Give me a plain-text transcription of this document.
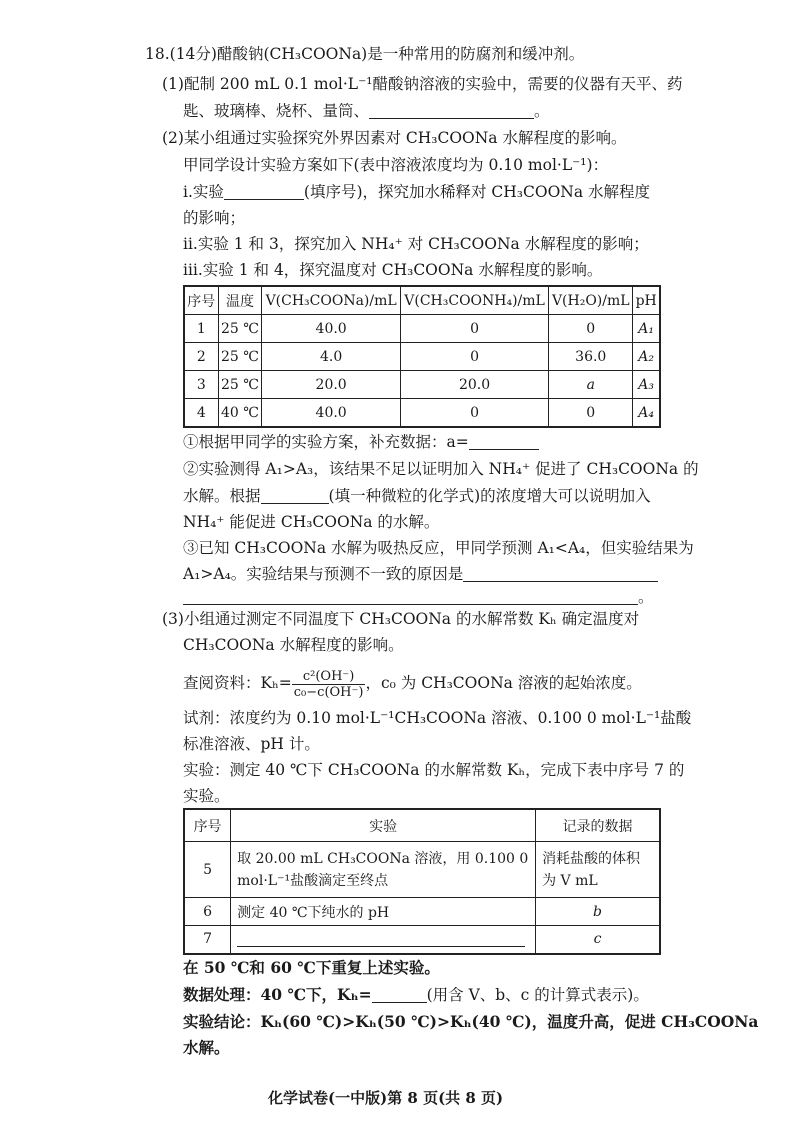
18.(14分)醋酸钠(CH₃COONa)是一种常用的防腐剂和缓冲剂。
(1)配制 200 mL 0.1 mol·L⁻¹醋酸钠溶液的实验中，需要的仪器有天平、药
匙、玻璃棒、烧杯、量筒、	。
(2)某小组通过实验探究外界因素对 CH₃COONa 水解程度的影响。
甲同学设计实验方案如下(表中溶液浓度均为 0.10 mol·L⁻¹)：
ⅰ.实验	(填序号)，探究加水稀释对 CH₃COONa 水解程度
的影响；
ⅱ.实验 1 和 3，探究加入 NH₄⁺ 对 CH₃COONa 水解程度的影响；
ⅲ.实验 1 和 4，探究温度对 CH₃COONa 水解程度的影响。
序号	温度	V(CH₃COONa)/mL	V(CH₃COONH₄)/mL	V(H₂O)/mL	pH
1	25 ℃	40.0	0	0	A₁
2	25 ℃	4.0	0	36.0	A₂
3	25 ℃	20.0	20.0	a	A₃
4	40 ℃	40.0	0	0	A₄
①根据甲同学的实验方案，补充数据：a=
②实验测得 A₁>A₃，该结果不足以证明加入 NH₄⁺ 促进了 CH₃COONa 的
水解。根据	(填一种微粒的化学式)的浓度增大可以说明加入
NH₄⁺ 能促进 CH₃COONa 的水解。
③已知 CH₃COONa 水解为吸热反应，甲同学预测 A₁<A₄，但实验结果为
A₁>A₄。实验结果与预测不一致的原因是
。
(3)小组通过测定不同温度下 CH₃COONa 的水解常数 Kₕ 确定温度对
CH₃COONa 水解程度的影响。
查阅资料：$K_h= \frac{\text{c²(OH⁻)}}{\text{c₀−c(OH⁻)}}$ ，c₀ 为 CH₃COONa 溶液的起始浓度。
试剂：浓度约为 0.10 mol·L⁻¹CH₃COONa 溶液、0.100 0 mol·L⁻¹盐酸
标准溶液、pH 计。
实验：测定 40 ℃下 CH₃COONa 的水解常数 Kₕ，完成下表中序号 7 的
实验。
序号	实验	记录的数据
5	取 20.00 mL CH₃COONa 溶液，用 0.100 0 mol·L⁻¹盐酸滴定至终点	消耗盐酸的体积为 V mL
6	测定 40 ℃下纯水的 pH	b
7		c
在 50 ℃和 60 ℃下重复上述实验。
数据处理：40 ℃下，Kₕ=	(用含 V、b、c 的计算式表示)。
实验结论：Kₕ(60 ℃)>Kₕ(50 ℃)>Kₕ(40 ℃)，温度升高，促进 CH₃COONa
水解。
化学试卷(一中版)第 8 页(共 8 页)
